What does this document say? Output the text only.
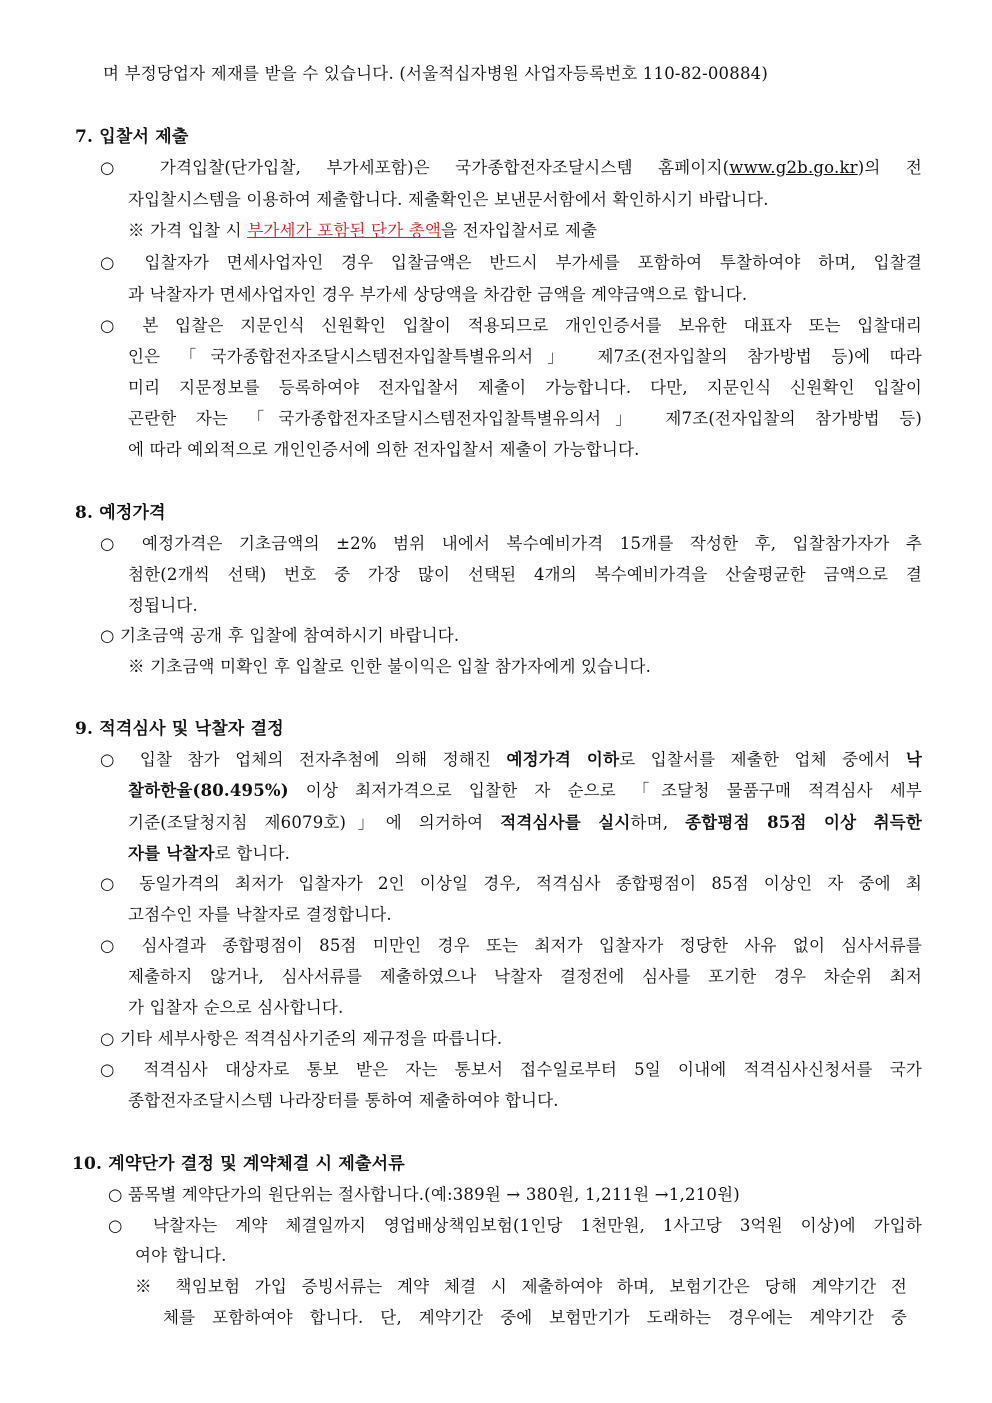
며 부정당업자 제재를 받을 수 있습니다. (서울적십자병원 사업자등록번호 110-82-00884)
7. 입찰서 제출
○ 가격입찰(단가입찰, 부가세포함)은 국가종합전자조달시스템 홈페이지(www.g2b.go.kr)의 전
자입찰시스템을 이용하여 제출합니다. 제출확인은 보낸문서함에서 확인하시기 바랍니다.
※ 가격 입찰 시 부가세가 포함된 단가 총액을 전자입찰서로 제출
○ 입찰자가 면세사업자인 경우 입찰금액은 반드시 부가세를 포함하여 투찰하여야 하며, 입찰결
과 낙찰자가 면세사업자인 경우 부가세 상당액을 차감한 금액을 계약금액으로 합니다.
○ 본 입찰은 지문인식 신원확인 입찰이 적용되므로 개인인증서를 보유한 대표자 또는 입찰대리
인은 「국가종합전자조달시스템전자입찰특별유의서」 제7조(전자입찰의 참가방법 등)에 따라
미리 지문정보를 등록하여야 전자입찰서 제출이 가능합니다. 다만, 지문인식 신원확인 입찰이
곤란한 자는 「국가종합전자조달시스템전자입찰특별유의서」 제7조(전자입찰의 참가방법 등)
에 따라 예외적으로 개인인증서에 의한 전자입찰서 제출이 가능합니다.
8. 예정가격
○ 예정가격은 기초금액의 ±2% 범위 내에서 복수예비가격 15개를 작성한 후, 입찰참가자가 추
첨한(2개씩 선택) 번호 중 가장 많이 선택된 4개의 복수예비가격을 산술평균한 금액으로 결
정됩니다.
○ 기초금액 공개 후 입찰에 참여하시기 바랍니다.
※ 기초금액 미확인 후 입찰로 인한 불이익은 입찰 참가자에게 있습니다.
9. 적격심사 및 낙찰자 결정
○ 입찰 참가 업체의 전자추첨에 의해 정해진 예정가격 이하로 입찰서를 제출한 업체 중에서 낙
찰하한율(80.495%) 이상 최저가격으로 입찰한 자 순으로 「조달청 물품구매 적격심사 세부
기준(조달청지침 제6079호)」에 의거하여 적격심사를 실시하며, 종합평점 85점 이상 취득한
자를 낙찰자로 합니다.
○ 동일가격의 최저가 입찰자가 2인 이상일 경우, 적격심사 종합평점이 85점 이상인 자 중에 최
고점수인 자를 낙찰자로 결정합니다.
○ 심사결과 종합평점이 85점 미만인 경우 또는 최저가 입찰자가 정당한 사유 없이 심사서류를
제출하지 않거나, 심사서류를 제출하였으나 낙찰자 결정전에 심사를 포기한 경우 차순위 최저
가 입찰자 순으로 심사합니다.
○ 기타 세부사항은 적격심사기준의 제규정을 따릅니다.
○ 적격심사 대상자로 통보 받은 자는 통보서 접수일로부터 5일 이내에 적격심사신청서를 국가
종합전자조달시스템 나라장터를 통하여 제출하여야 합니다.
10. 계약단가 결정 및 계약체결 시 제출서류
○ 품목별 계약단가의 원단위는 절사합니다.(예:389원 → 380원, 1,211원 →1,210원)
○ 낙찰자는 계약 체결일까지 영업배상책임보험(1인당 1천만원, 1사고당 3억원 이상)에 가입하
여야 합니다.
※ 책임보험 가입 증빙서류는 계약 체결 시 제출하여야 하며, 보험기간은 당해 계약기간 전
체를 포함하여야 합니다. 단, 계약기간 중에 보험만기가 도래하는 경우에는 계약기간 중
